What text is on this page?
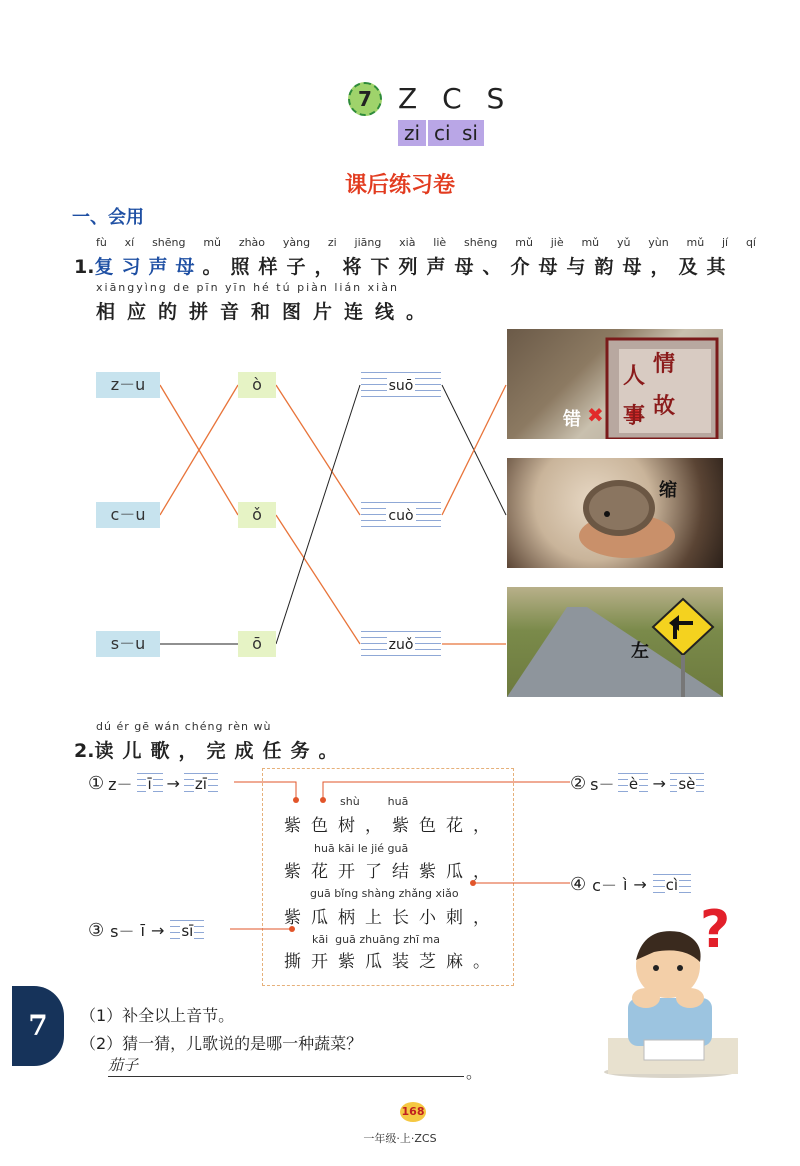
7 Z C S
zi ci si
课后练习卷
一、会用
fù xí shēng mǔ zhào yàng zi jiāng xià liè shēng mǔ jiè mǔ yǔ yùn mǔ jí qí
1.复习声母。照样子，将下列声母、介母与韵母，及其
xiāngyìng de pīn yīn hé tú piàn lián xiàn
相应的拼音和图片连线。
z－u
c－u
s－u
ò
ǒ
ō
suō
cuò
zuǒ
人 情
事 故
错 ✖
缩
左
dú ér gē wán chéng rèn wù
2.读儿歌，完成任务。
① z－ ī → zī	② s－ è → sè
③ s－ ī →	sī
④ c－ ì →	cì
shù        huā
紫色树，紫色花，
huā kāi le jié guā
紫花开了结紫瓜，
guā bǐng shàng zhǎng xiǎo
紫瓜柄上长小刺，
kāi  guā zhuāng zhī ma
撕开紫瓜装芝麻。
?
（1）补全以上音节。
（2）猜一猜，儿歌说的是哪一种蔬菜？
茄子	。
7
168
一年级·上·ZCS
